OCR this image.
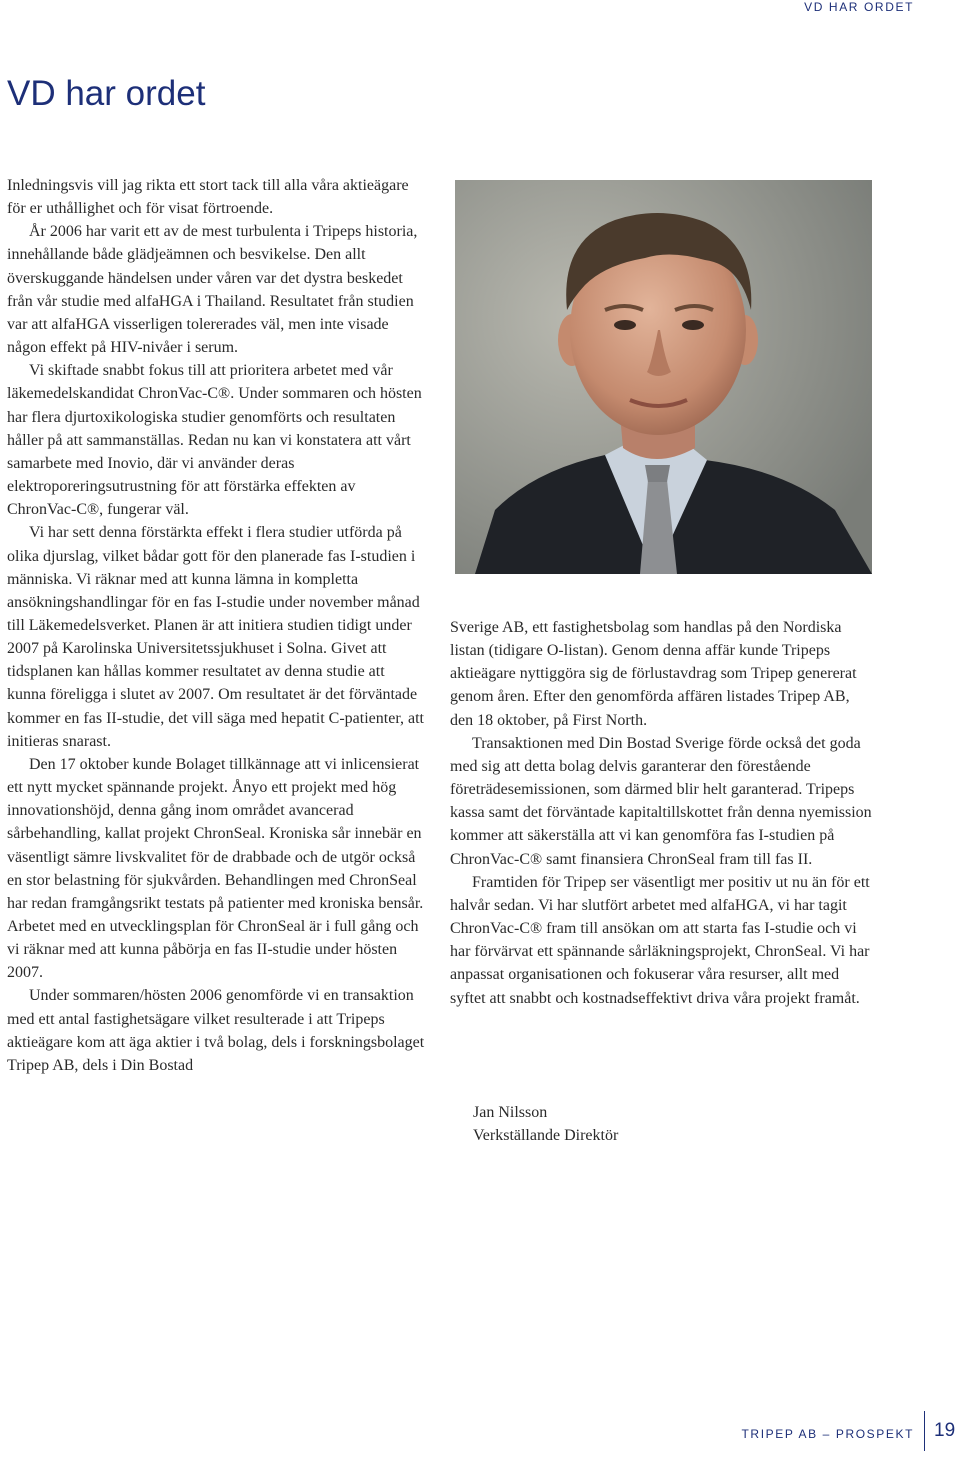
VD HAR ORDET
VD har ordet

Inledningsvis vill jag rikta ett stort tack till alla våra aktieägare för er uthållighet och för visat förtroende.

År 2006 har varit ett av de mest turbulenta i Tripeps historia, innehållande både glädjeämnen och besvikelse. Den allt överskuggande händelsen under våren var det dystra beskedet från vår studie med alfaHGA i Thailand. Resultatet från studien var att alfaHGA visserligen tolererades väl, men inte visade någon effekt på HIV-nivåer i serum.

Vi skiftade snabbt fokus till att prioritera arbetet med vår läkemedelskandidat ChronVac-C®. Under sommaren och hösten har flera djurtoxikologiska studier genomförts och resultaten håller på att sammanställas. Redan nu kan vi konstatera att vårt samarbete med Inovio, där vi använder deras elektroporeringsutrustning för att förstärka effekten av ChronVac-C®, fungerar väl.

Vi har sett denna förstärkta effekt i flera studier utförda på olika djurslag, vilket bådar gott för den planerade fas I-studien i människa. Vi räknar med att kunna lämna in kompletta ansökningshandlingar för en fas I-studie under november månad till Läkemedelsverket. Planen är att initiera studien tidigt under 2007 på Karolinska Universitetssjukhuset i Solna. Givet att tidsplanen kan hållas kommer resultatet av denna studie att kunna föreligga i slutet av 2007. Om resultatet är det förväntade kommer en fas II-studie, det vill säga med hepatit C-patienter, att initieras snarast.

Den 17 oktober kunde Bolaget tillkännage att vi inlicensierat ett nytt mycket spännande projekt. Ånyo ett projekt med hög innovationshöjd, denna gång inom området avancerad sårbehandling, kallat projekt ChronSeal. Kroniska sår innebär en väsentligt sämre livskvalitet för de drabbade och de utgör också en stor belastning för sjukvården. Behandlingen med ChronSeal har redan framgångsrikt testats på patienter med kroniska bensår. Arbetet med en utvecklingsplan för ChronSeal är i full gång och vi räknar med att kunna påbörja en fas II-studie under hösten 2007.

Under sommaren/hösten 2006 genomförde vi en transaktion med ett antal fastighetsägare vilket resulterade i att Tripeps aktieägare kom att äga aktier i två bolag, dels i forskningsbolaget Tripep AB, dels i Din Bostad

Sverige AB, ett fastighetsbolag som handlas på den Nordiska listan (tidigare O-listan). Genom denna affär kunde Tripeps aktieägare nyttiggöra sig de förlustavdrag som Tripep genererat genom åren. Efter den genomförda affären listades Tripep AB, den 18 oktober, på First North.

Transaktionen med Din Bostad Sverige förde också det goda med sig att detta bolag delvis garanterar den förestående företrädesemissionen, som därmed blir helt garanterad. Tripeps kassa samt det förväntade kapitaltillskottet från denna nyemission kommer att säkerställa att vi kan genomföra fas I-studien på ChronVac-C® samt finansiera ChronSeal fram till fas II.

Framtiden för Tripep ser väsentligt mer positiv ut nu än för ett halvår sedan. Vi har slutfört arbetet med alfaHGA, vi har tagit ChronVac-C® fram till ansökan om att starta fas I-studie och vi har förvärvat ett spännande sårläkningsprojekt, ChronSeal. Vi har anpassat organisationen och fokuserar våra resurser, allt med syftet att snabbt och kostnadseffektivt driva våra projekt framåt.

Jan Nilsson
Verkställande Direktör
TRIPEP AB – PROSPEKT 19
